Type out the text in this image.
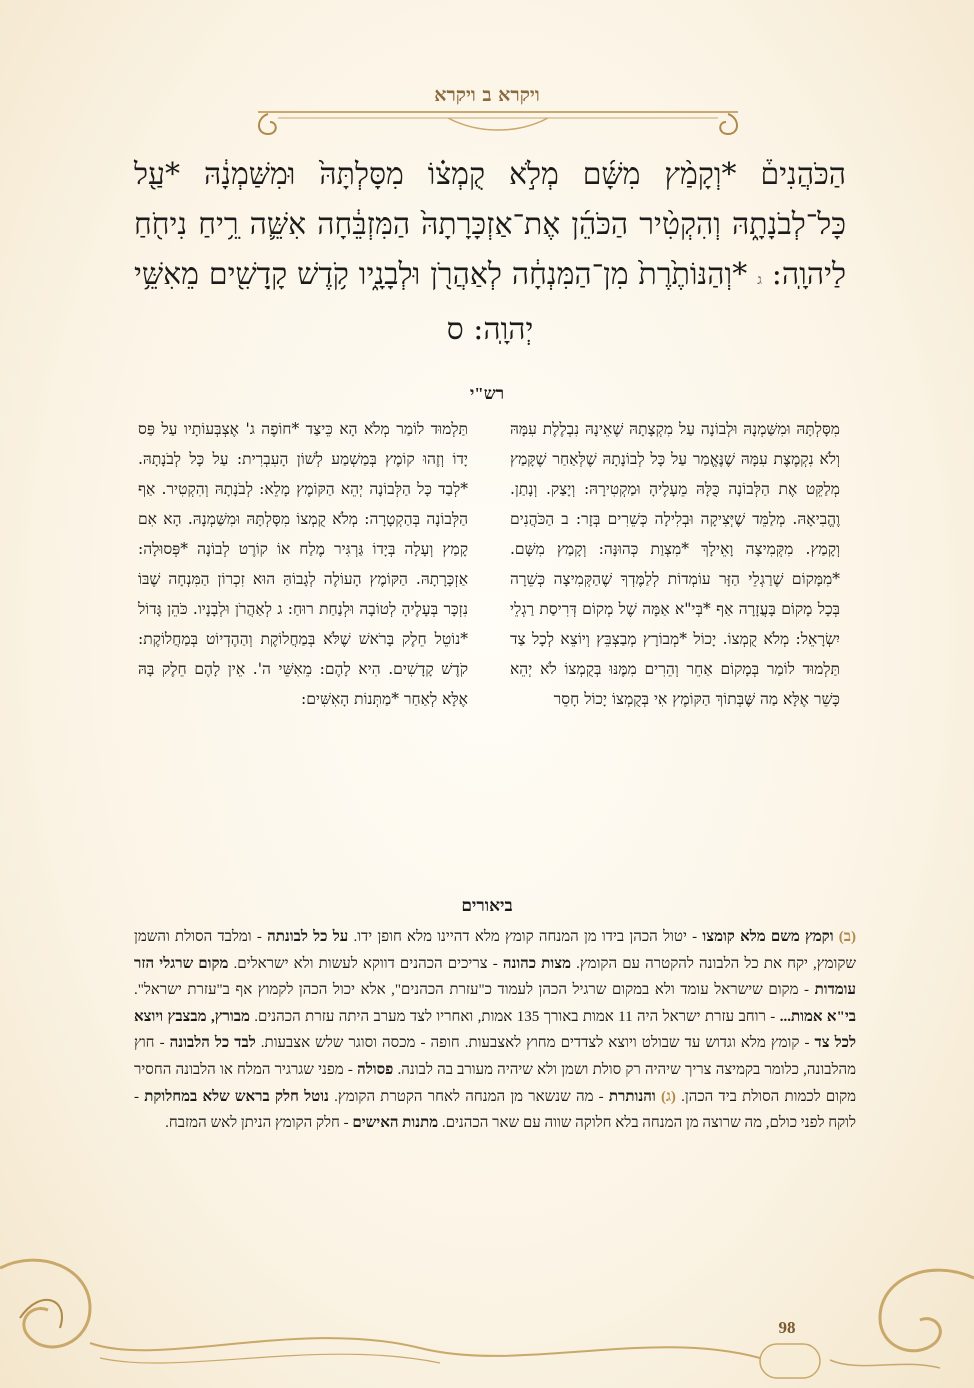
ויקרא ב ויקרא
הַכֹּהֲנִים֒ *וְקָמַ֨ץ מִשָּׁ֜ם מְלֹ֣א קֻמְצ֗וֹ מִסָּלְתָּהּ֙ וּמִשַּׁמְנָ֔הּ *עַ֖ל כָּל־לְבֹנָתָ֑הּ וְהִקְטִ֨יר הַכֹּהֵ֜ן אֶת־אַזְכָּרָתָהּ֙ הַמִּזְבֵּ֔חָה אִשֵּׁ֛ה רֵ֥יחַ נִיחֹ֖חַ לַיהוָֽה: ג *וְהַנּוֹתֶ֙רֶת֙ מִן־הַמִּנְחָ֔ה לְאַהֲרֹ֖ן וּלְבָנָ֑יו קֹ֥דֶשׁ קָֽדָשִׁ֖ים מֵאִשֵּׁ֥י יְהוָֽה: ס
רש"י
מִסָּלְתָּהּ וּמִשַּׁמְנָהּ וּלְבוֹנָה עַל מִקְצָתָהּ שֶׁאֵינָהּ נִבְלֶלֶת עִמָּהּ וְלֹא נִקְמֶצֶת עִמָּהּ שֶׁנֶּאֱמַר עַל כָּל לְבוֹנָתָהּ שֶׁלְּאַחַר שֶׁקָּמַץ מְלַקֵּט אֶת הַלְּבוֹנָה כֻּלָּהּ מֵעָלֶיהָ וּמַקְטִירָהּ: וְיָצַק. וְנָתַן. וֶהֱבִיאָהּ. מְלַמֵּד שֶׁיְּצִיקָה וּבְלִילָה כְּשֵׁרִים בְּזָר: ב הַכֹּהֲנִים וְקָמַץ. מִקְּמִיצָה וָאֵילָךְ *מִצְוַת כְּהוּנָּה: וְקָמַץ מִשָּׁם. *מִמָּקוֹם שֶׁרַגְלֵי הַזָּר עוֹמְדוֹת לְלַמֶּדְךָ שֶׁהַקְּמִיצָה כְּשֵׁרָה בְּכָל מָקוֹם בָּעֲזָרָה אַף *בְּי"א אַמָּה שֶׁל מְקוֹם דְּרִיסַת רַגְלֵי יִשְׂרָאֵל: מְלֹא קֻמְצוֹ. יָכוֹל *מְבוֹרָץ מְבַצְבֵּץ וְיוֹצֵא לְכָל צַד תַּלְמוּד לוֹמַר בְּמָקוֹם אַחֵר וְהֵרִים מִמֶּנּוּ בְּקֻמְצוֹ לֹא יְהֵא כָּשֵׁר אֶלָּא מַה שֶּׁבְּתוֹךְ הַקּוֹמֶץ אִי בְּקֻמְצוֹ יָכוֹל חָסֵר
תַּלְמוּד לוֹמַר מְלֹא הָא כֵּיצַד *חוֹפֶה ג' אֶצְבְּעוֹתָיו עַל פַּס יָדוֹ וְזֶהוּ קוֹמֶץ בְּמַשְׁמַע לְשׁוֹן הָעִבְרִית: עַל כָּל לְבֹנָתָהּ. *לְבַד כָּל הַלְּבוֹנָה יְהֵא הַקּוֹמֶץ מָלֵא: לְבֹנָתָהּ וְהִקְטִיר. אַף הַלְּבוֹנָה בְּהַקְטָרָה: מְלֹא קֻמְצוֹ מִסָּלְתָּהּ וּמִשַּׁמְנָהּ. הָא אִם קָמַץ וְעָלָה בְּיָדוֹ גַּרְגִּיר מֶלַח אוֹ קוֹרֶט לְבוֹנָה *פְּסוּלָה: אַזְכָּרָתָהּ. הַקּוֹמֶץ הָעוֹלֶה לְגָבוֹהַּ הוּא זִכְרוֹן הַמִּנְחָה שֶׁבּוֹ נִזְכָּר בְּעָלֶיהָ לְטוֹבָה וּלְנַחַת רוּחַ: ג לְאַהֲרֹן וּלְבָנָיו. כֹּהֵן גָּדוֹל *נוֹטֵל חֵלֶק בָּרֹאשׁ שֶׁלֹּא בְּמַחֲלוֹקֶת וְהַהֶדְיוֹט בְּמַחֲלוֹקֶת: קֹדֶשׁ קָדָשִׁים. הִיא לָהֶם: מֵאִשֵּׁי ה'. אֵין לָהֶם חֵלֶק בָּהּ אֶלָּא לְאַחַר *מַתְּנוֹת הָאִשִּׁים:
ביאורים
(ב) וקמץ משם מלא קומצו - יטול הכהן בידו מן המנחה קומץ מלא דהיינו מלא חופן ידו. על כל לבונתה - ומלבד הסולת והשמן שקומץ, יקח את כל הלבונה להקטרה עם הקומץ. מצות כהונה - צריכים הכהנים דווקא לעשות ולא ישראלים. מקום שרגלי הזר עומדות - מקום שישראל עומד ולא במקום שרגיל הכהן לעמוד כ"עזרת הכהנים", אלא יכול הכהן לקמוץ אף ב"עזרת ישראל". בי"א אמות... - רוחב עזרת ישראל היה 11 אמות באורך 135 אמות, ואחריו לצד מערב היתה עזרת הכהנים. מבורץ, מבצבץ ויוצא לכל צד - קומץ מלא וגדוש עד שבולט ויוצא לצדדים מחוץ לאצבעות. חופה - מכסה וסוגר שלש אצבעות. לבד כל הלבונה - חוץ מהלבונה, כלומר בקמיצה צריך שיהיה רק סולת ושמן ולא שיהיה מעורב בה לבונה. פסולה - מפני שגרגיר המלח או הלבונה החסיר מקום לכמות הסולת ביד הכהן. (ג) והנותרת - מה שנשאר מן המנחה לאחר הקטרת הקומץ. נוטל חלק בראש שלא במחלוקת - לוקח לפני כולם, מה שרוצה מן המנחה בלא חלוקה שווה עם שאר הכהנים. מתנות האישים - חלק הקומץ הניתן לאש המזבח.
98
